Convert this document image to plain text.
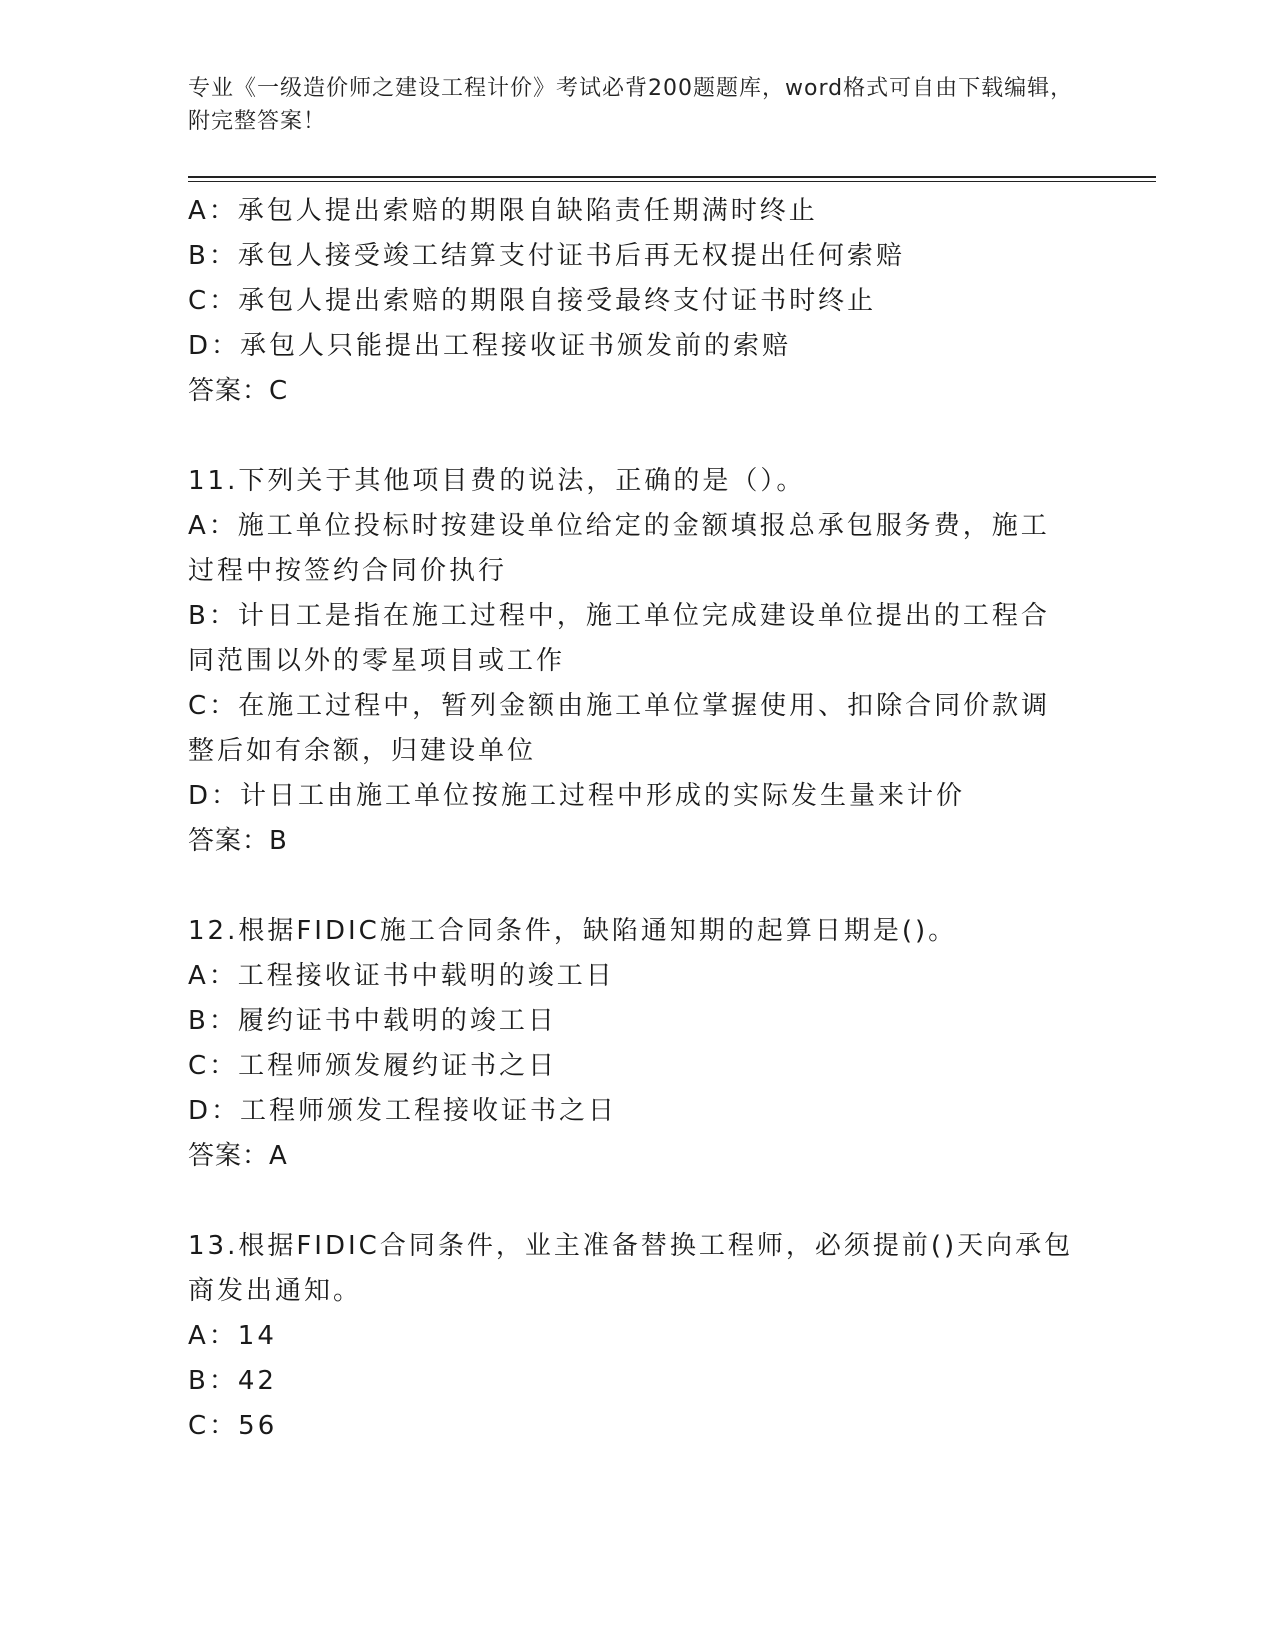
专业《一级造价师之建设工程计价》考试必背200题题库，word格式可自由下载编辑，附完整答案！

A：承包人提出索赔的期限自缺陷责任期满时终止

B：承包人接受竣工结算支付证书后再无权提出任何索赔

C：承包人提出索赔的期限自接受最终支付证书时终止

D：承包人只能提出工程接收证书颁发前的索赔

答案：C

11.下列关于其他项目费的说法，正确的是（）。

A：施工单位投标时按建设单位给定的金额填报总承包服务费，施工过程中按签约合同价执行

B：计日工是指在施工过程中，施工单位完成建设单位提出的工程合同范围以外的零星项目或工作

C：在施工过程中，暂列金额由施工单位掌握使用、扣除合同价款调整后如有余额，归建设单位

D：计日工由施工单位按施工过程中形成的实际发生量来计价

答案：B

12.根据FIDIC施工合同条件，缺陷通知期的起算日期是()。

A：工程接收证书中载明的竣工日

B：履约证书中载明的竣工日

C：工程师颁发履约证书之日

D：工程师颁发工程接收证书之日

答案：A

13.根据FIDIC合同条件，业主准备替换工程师，必须提前()天向承包商发出通知。

A：14

B：42

C：56
